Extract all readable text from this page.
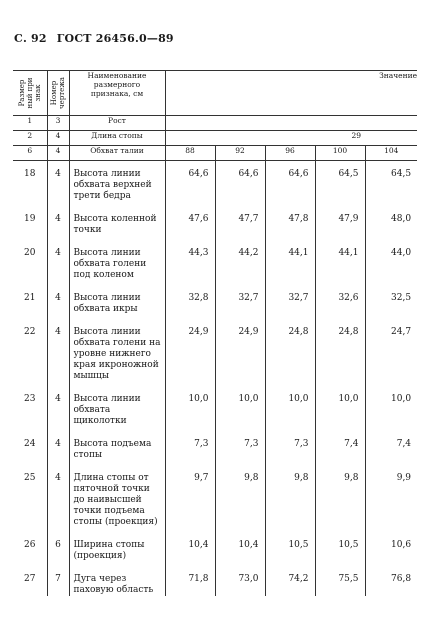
С. 92 ГОСТ 26456.0—89
Размер
ный при
знак	Номер
чертежа	Наименование
размерного
признака, см	Значение				
1	3	Рост					
2	4	Длина стопы	29				
6	4	Обхват талии	88	92	96	100	104
18	4	Высота линии обхвата верхней трети бедра	64,6	64,6	64,6	64,5	64,5
19	4	Высота коленной точки	47,6	47,7	47,8	47,9	48,0
20	4	Высота линии обхвата голени под коленом	44,3	44,2	44,1	44,1	44,0
21	4	Высота линии обхвата икры	32,8	32,7	32,7	32,6	32,5
22	4	Высота линии обхвата голени на уровне нижнего края икроножной мышцы	24,9	24,9	24,8	24,8	24,7
23	4	Высота линии обхвата щиколотки	10,0	10,0	10,0	10,0	10,0
24	4	Высота подъема стопы	7,3	7,3	7,3	7,4	7,4
25	4	Длина стопы от пяточной точки до наивысшей точки подъема стопы (проекция)	9,7	9,8	9,8	9,8	9,9
26	6	Ширина стопы (проекция)	10,4	10,4	10,5	10,5	10,6
27	7	Дуга через паховую область	71,8	73,0	74,2	75,5	76,8
